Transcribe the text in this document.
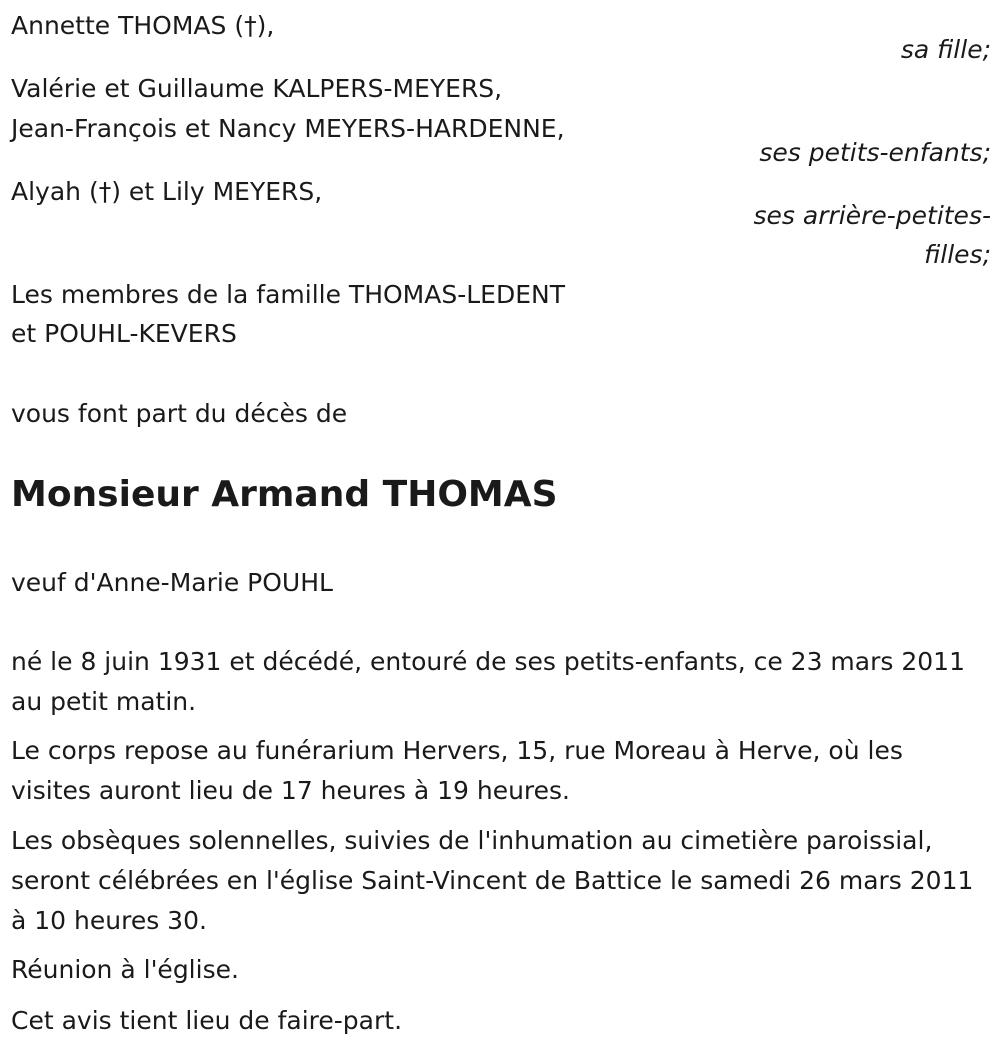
Annette THOMAS (†),
sa fille;
Valérie et Guillaume KALPERS-MEYERS,
Jean-François et Nancy MEYERS-HARDENNE,
ses petits-enfants;
Alyah (†) et Lily MEYERS,
ses arrière-petites-
filles;
Les membres de la famille THOMAS-LEDENT
et POUHL-KEVERS
vous font part du décès de
Monsieur Armand THOMAS
veuf d'Anne-Marie POUHL
né le 8 juin 1931 et décédé, entouré de ses petits-enfants, ce 23 mars 2011 au petit matin.
Le corps repose au funérarium Hervers, 15, rue Moreau à Herve, où les visites auront lieu de 17 heures à 19 heures.
Les obsèques solennelles, suivies de l'inhumation au cimetière paroissial, seront célébrées en l'église Saint-Vincent de Battice le samedi 26 mars 2011 à 10 heures 30.
Réunion à l'église.
Cet avis tient lieu de faire-part.
